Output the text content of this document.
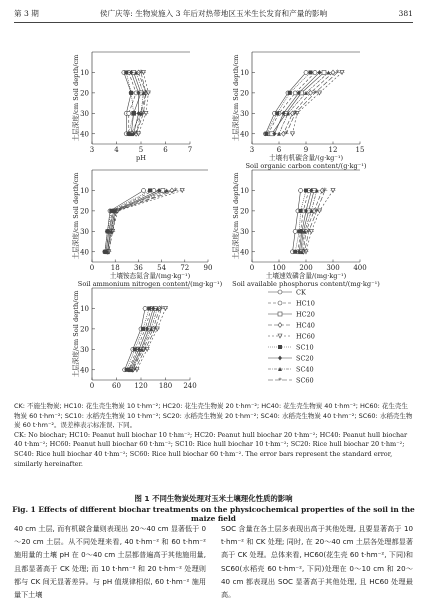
第 3 期	侯广庆等: 生物炭施入 3 年后对热带地区玉米生长发育和产量的影响	381
10
20
30
40
3	4	5	6	7
土层深度/cm Soil depth/cm
pH
*
*
*
*
10
20
30
40
3	6	9	12	15
土层深度/cm Soil depth/cm
土壤有机碳含量/(g·kg⁻¹)
Soil organic carbon content/(g·kg⁻¹)
*
*
*
*
10
20
30
40
0 18 36 54 72 90
土层深度/cm Soil depth/cm
土壤铵态氮含量/(mg·kg⁻¹)
Soil ammonium nitrogen content/(mg·kg⁻¹)
*
*
*
*
10
20
30
40
0	100 200 300 400
土层深度/cm Soil depth/cm
土壤速效磷含量/(mg·kg⁻¹)
Soil available phosphorus content/(mg·kg⁻¹)
*
*
*
*
10
20
30
40
0	60 120 180 240
土层深度/cm Soil depth/cm	*
*
*
*
CK
HC10
HC20
HC40
HC60
SC10
SC20
SC40
* SC60
CK: 不施生物炭; HC10: 花生壳生物炭 10 t·hm⁻²; HC20: 花生壳生物炭 20 t·hm⁻²; HC40: 花生壳生物炭 40 t·hm⁻²; HC60: 花生壳生物炭 60 t·hm⁻²; SC10: 水稻壳生物炭 10 t·hm⁻²; SC20: 水稻壳生物炭 20 t·hm⁻²; SC40: 水稻壳生物炭 40 t·hm⁻²; SC60: 水稻壳生物炭 60 t·hm⁻²。误差棒表示标准误, 下同。
CK: No biochar; HC10: Peanut hull biochar 10 t·hm⁻²; HC20: Peanut hull biochar 20 t·hm⁻²; HC40: Peanut hull biochar 40 t·hm⁻²; HC60: Peanut hull biochar 60 t·hm⁻²; SC10: Rice hull biochar 10 t·hm⁻²; SC20: Rice hull biochar 20 t·hm⁻²; SC40: Rice hull biochar 40 t·hm⁻²; SC60: Rice hull biochar 60 t·hm⁻². The error bars represent the standard error, similarly hereinafter.
图 1 不同生物炭处理对玉米土壤理化性质的影响
Fig. 1 Effects of different biochar treatments on the physicochemical properties of the soil in the maize field

40 cm 土层, 而有机碳含量则表现出 20～40 cm 显著低于 0～20 cm 土层。从不同处理来看, 40 t·hm⁻² 和 60 t·hm⁻² 施用量的土壤 pH 在 0～40 cm 土层都普遍高于其他施用量, 且都显著高于 CK 处理; 而 10 t·hm⁻² 和 20 t·hm⁻² 处理则都与 CK 间无显著差异。与 pH 值规律相似, 60 t·hm⁻² 施用量下土壤

SOC 含量在各土层多表现出高于其他处理, 且要显著高于 10 t·hm⁻² 和 CK 处理; 同时, 在 20～40 cm 土层各处理都显著高于 CK 处理。总体来看, HC60(花生壳 60 t·hm⁻², 下同)和 SC60(水稻壳 60 t·hm⁻², 下同)处理在 0～10 cm 和 20～40 cm 都表现出 SOC 显著高于其他处理, 且 HC60 处理最高。
